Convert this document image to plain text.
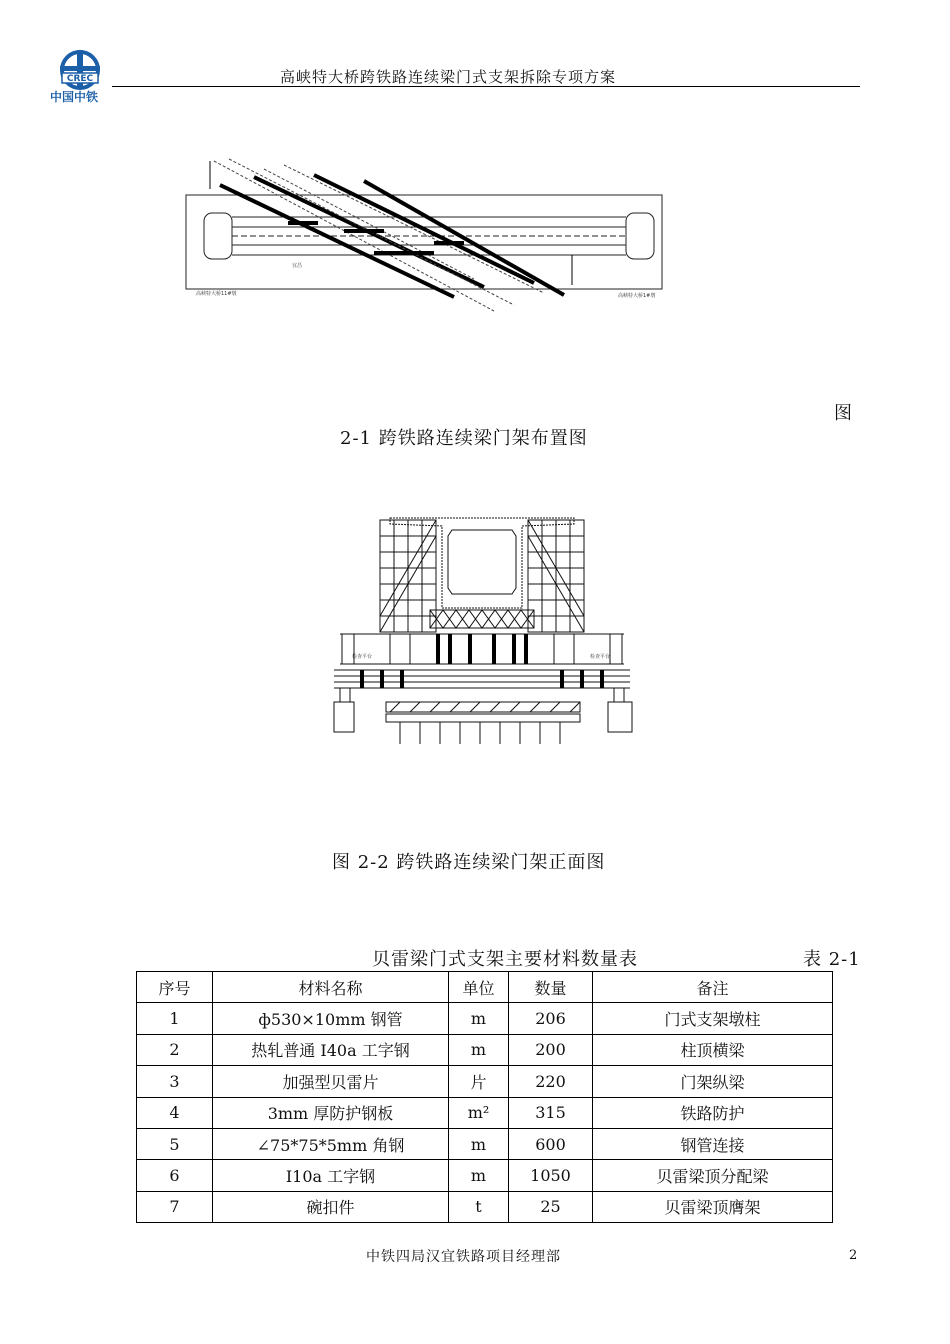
CREC
中国中铁
高峡特大桥跨铁路连续梁门式支架拆除专项方案
高峡特大桥11#墩	高峡特大桥1#墩
宜昌
图
2-1 跨铁路连续梁门架布置图
检查平台	检查平台
图 2-2 跨铁路连续梁门架正面图
贝雷梁门式支架主要材料数量表	表 2-1
序号	材料名称	单位	数量	备注
1	ф530×10mm 钢管	m	206	门式支架墩柱
2	热轧普通 I40a 工字钢	m	200	柱顶横梁
3	加强型贝雷片	片	220	门架纵梁
4	3mm 厚防护钢板	m²	315	铁路防护
5	∠75*75*5mm 角钢	m	600	钢管连接
6	I10a 工字钢	m	1050	贝雷梁顶分配梁
7	碗扣件	t	25	贝雷梁顶膺架
中铁四局汉宜铁路项目经理部	2
